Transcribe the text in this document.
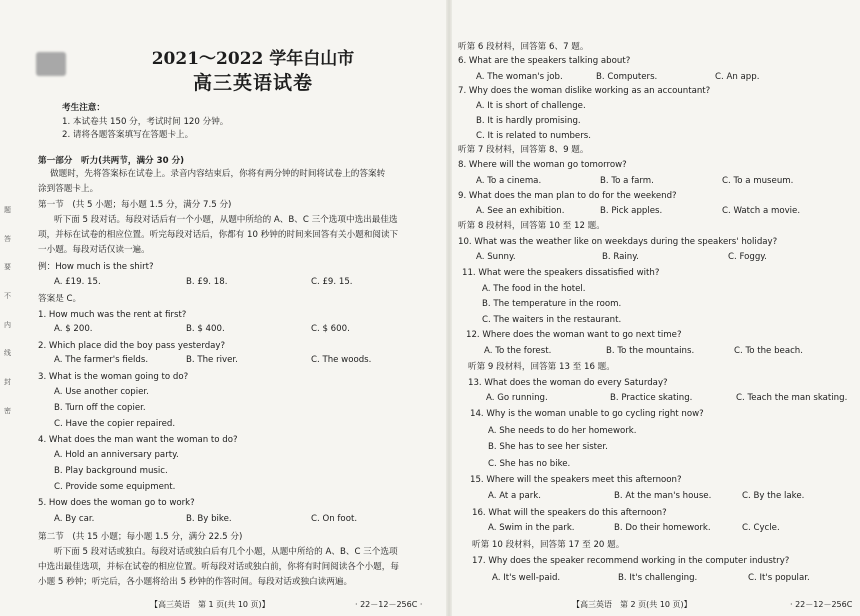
题
答
要
不
内
线
封
密
2021～2022 学年白山市
高三英语试卷
考生注意：
1. 本试卷共 150 分，考试时间 120 分钟。
2. 请将各题答案填写在答题卡上。
第一部分　听力(共两节，满分 30 分)
做题时，先将答案标在试卷上。录音内容结束后，你将有两分钟的时间将试卷上的答案转
涂到答题卡上。
第一节　(共 5 小题；每小题 1.5 分，满分 7.5 分)
听下面 5 段对话。每段对话后有一个小题，从题中所给的 A、B、C 三个选项中选出最佳选
项，并标在试卷的相应位置。听完每段对话后，你都有 10 秒钟的时间来回答有关小题和阅读下
一小题。每段对话仅读一遍。
例：How much is the shirt?
A. £19. 15.	B. £9. 18.	C. £9. 15.
答案是 C。
1. How much was the rent at first?
A. $ 200.	B. $ 400.	C. $ 600.
2. Which place did the boy pass yesterday?
A. The farmer's fields.	B. The river.	C. The woods.
3. What is the woman going to do?
A. Use another copier.
B. Turn off the copier.
C. Have the copier repaired.
4. What does the man want the woman to do?
A. Hold an anniversary party.
B. Play background music.
C. Provide some equipment.
5. How does the woman go to work?
A. By car.	B. By bike.	C. On foot.
第二节　(共 15 小题；每小题 1.5 分，满分 22.5 分)
听下面 5 段对话或独白。每段对话或独白后有几个小题，从题中所给的 A、B、C 三个选项
中选出最佳选项，并标在试卷的相应位置。听每段对话或独白前，你将有时间阅读各个小题，每
小题 5 秒钟；听完后，各小题将给出 5 秒钟的作答时间。每段对话或独白读两遍。
【高三英语　第 1 页(共 10 页)】	· 22－12－256C ·
听第 6 段材料，回答第 6、7 题。
6. What are the speakers talking about?
A. The woman's job.	B. Computers.	C. An app.
7. Why does the woman dislike working as an accountant?
A. It is short of challenge.
B. It is hardly promising.
C. It is related to numbers.
听第 7 段材料，回答第 8、9 题。
8. Where will the woman go tomorrow?
A. To a cinema.	B. To a farm.	C. To a museum.
9. What does the man plan to do for the weekend?
A. See an exhibition.	B. Pick apples.	C. Watch a movie.
听第 8 段材料，回答第 10 至 12 题。
10. What was the weather like on weekdays during the speakers' holiday?
A. Sunny.	B. Rainy.	C. Foggy.
11. What were the speakers dissatisfied with?
A. The food in the hotel.
B. The temperature in the room.
C. The waiters in the restaurant.
12. Where does the woman want to go next time?
A. To the forest.	B. To the mountains.	C. To the beach.
听第 9 段材料，回答第 13 至 16 题。
13. What does the woman do every Saturday?
A. Go running.	B. Practice skating.	C. Teach the man skating.
14. Why is the woman unable to go cycling right now?
A. She needs to do her homework.
B. She has to see her sister.
C. She has no bike.
15. Where will the speakers meet this afternoon?
A. At a park.	B. At the man's house.	C. By the lake.
16. What will the speakers do this afternoon?
A. Swim in the park.	B. Do their homework.	C. Cycle.
听第 10 段材料，回答第 17 至 20 题。
17. Why does the speaker recommend working in the computer industry?
A. It's well-paid.	B. It's challenging.	C. It's popular.
【高三英语　第 2 页(共 10 页)】	· 22－12－256C
